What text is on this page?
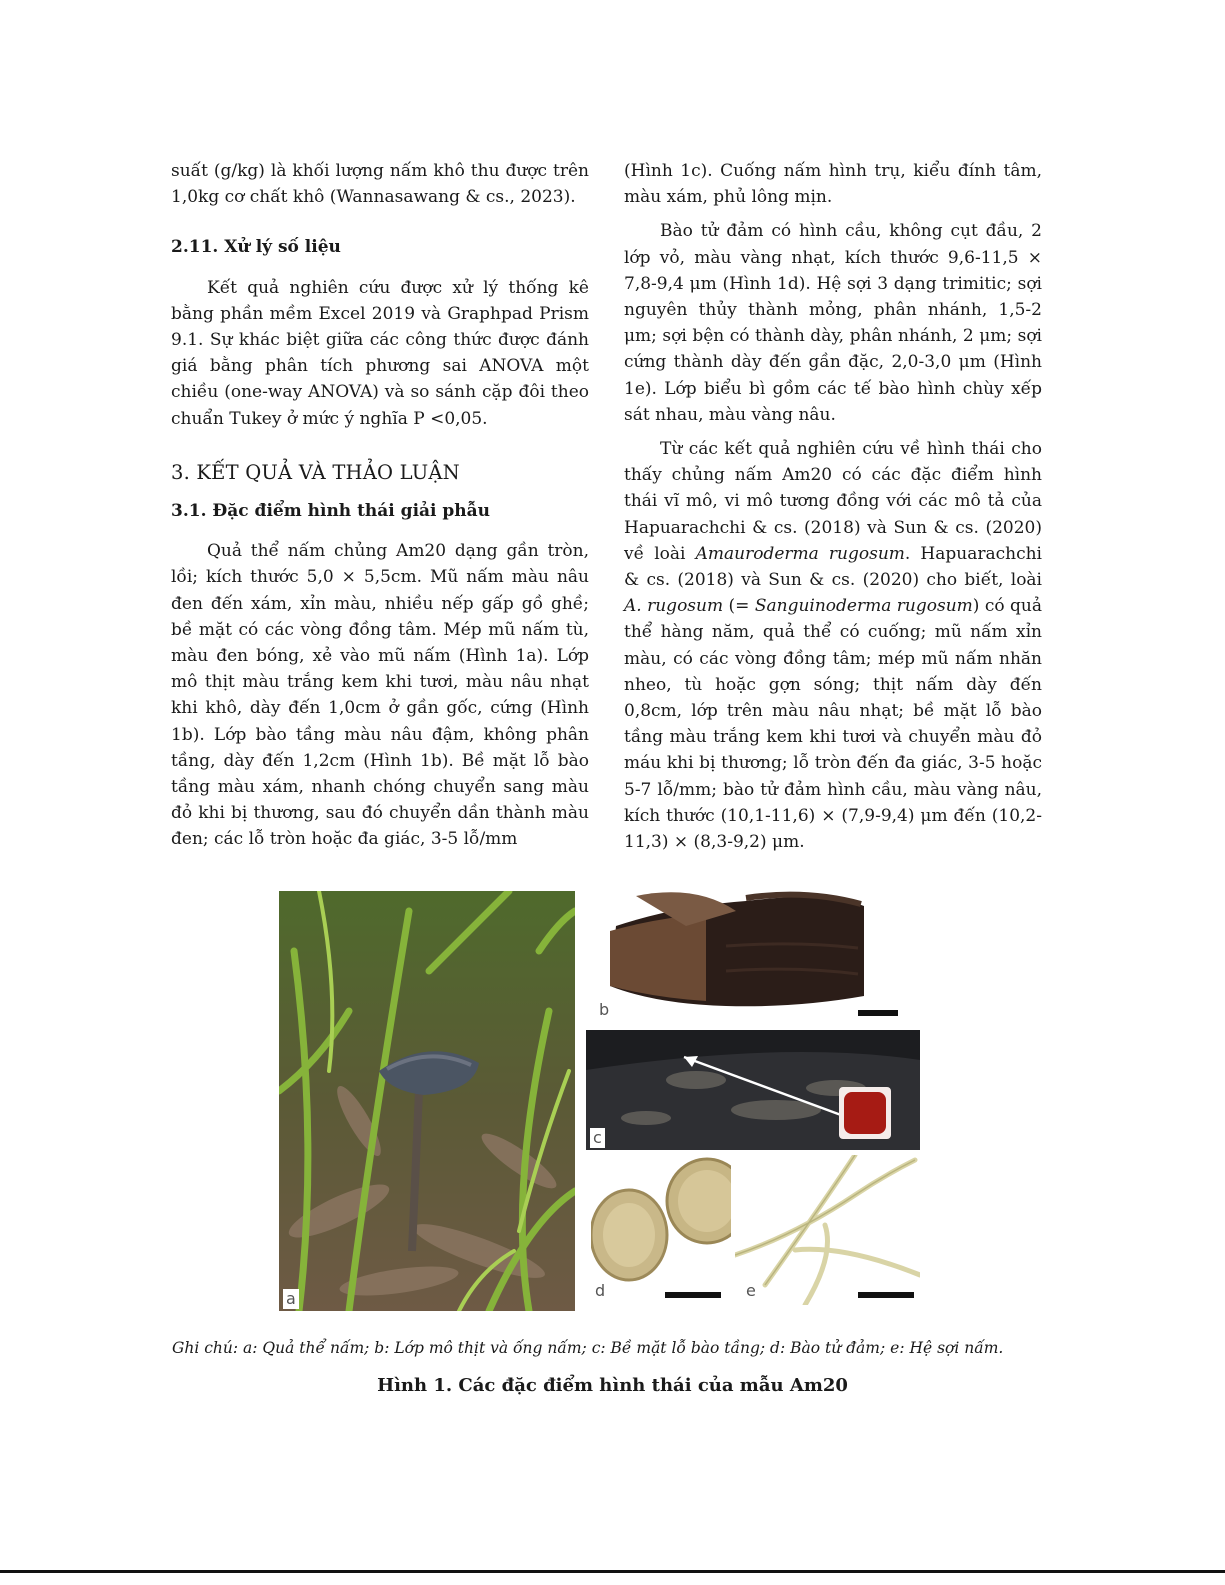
suất (g/kg) là khối lượng nấm khô thu được trên 1,0kg cơ chất khô (Wannasawang & cs., 2023).

2.11. Xử lý số liệu

Kết quả nghiên cứu được xử lý thống kê bằng phần mềm Excel 2019 và Graphpad Prism 9.1. Sự khác biệt giữa các công thức được đánh giá bằng phân tích phương sai ANOVA một chiều (one-way ANOVA) và so sánh cặp đôi theo chuẩn Tukey ở mức ý nghĩa P <0,05.

3. KẾT QUẢ VÀ THẢO LUẬN
3.1. Đặc điểm hình thái giải phẫu

Quả thể nấm chủng Am20 dạng gần tròn, lồi; kích thước 5,0 × 5,5cm. Mũ nấm màu nâu đen đến xám, xỉn màu, nhiều nếp gấp gồ ghề; bề mặt có các vòng đồng tâm. Mép mũ nấm tù, màu đen bóng, xẻ vào mũ nấm (Hình 1a). Lớp mô thịt màu trắng kem khi tươi, màu nâu nhạt khi khô, dày đến 1,0cm ở gần gốc, cứng (Hình 1b). Lớp bào tầng màu nâu đậm, không phân tầng, dày đến 1,2cm (Hình 1b). Bề mặt lỗ bào tầng màu xám, nhanh chóng chuyển sang màu đỏ khi bị thương, sau đó chuyển dần thành màu đen; các lỗ tròn hoặc đa giác, 3-5 lỗ/mm

(Hình 1c). Cuống nấm hình trụ, kiểu đính tâm, màu xám, phủ lông mịn.

Bào tử đảm có hình cầu, không cụt đầu, 2 lớp vỏ, màu vàng nhạt, kích thước 9,6-11,5 × 7,8-9,4 μm (Hình 1d). Hệ sợi 3 dạng trimitic; sợi nguyên thủy thành mỏng, phân nhánh, 1,5-2 μm; sợi bện có thành dày, phân nhánh, 2 μm; sợi cứng thành dày đến gần đặc, 2,0-3,0 μm (Hình 1e). Lớp biểu bì gồm các tế bào hình chùy xếp sát nhau, màu vàng nâu.

Từ các kết quả nghiên cứu về hình thái cho thấy chủng nấm Am20 có các đặc điểm hình thái vĩ mô, vi mô tương đồng với các mô tả của Hapuarachchi & cs. (2018) và Sun & cs. (2020) về loài Amauroderma rugosum. Hapuarachchi & cs. (2018) và Sun & cs. (2020) cho biết, loài A. rugosum (= Sanguinoderma rugosum) có quả thể hàng năm, quả thể có cuống; mũ nấm xỉn màu, có các vòng đồng tâm; mép mũ nấm nhăn nheo, tù hoặc gợn sóng; thịt nấm dày đến 0,8cm, lớp trên màu nâu nhạt; bề mặt lỗ bào tầng màu trắng kem khi tươi và chuyển màu đỏ máu khi bị thương; lỗ tròn đến đa giác, 3-5 hoặc 5-7 lỗ/mm; bào tử đảm hình cầu, màu vàng nâu, kích thước (10,1-11,6) × (7,9-9,4) μm đến (10,2-11,3) × (8,3-9,2) μm.

a
b
c
d	e
Ghi chú: a: Quả thể nấm; b: Lớp mô thịt và ống nấm; c: Bề mặt lỗ bào tầng; d: Bào tử đảm; e: Hệ sợi nấm.
Hình 1. Các đặc điểm hình thái của mẫu Am20
